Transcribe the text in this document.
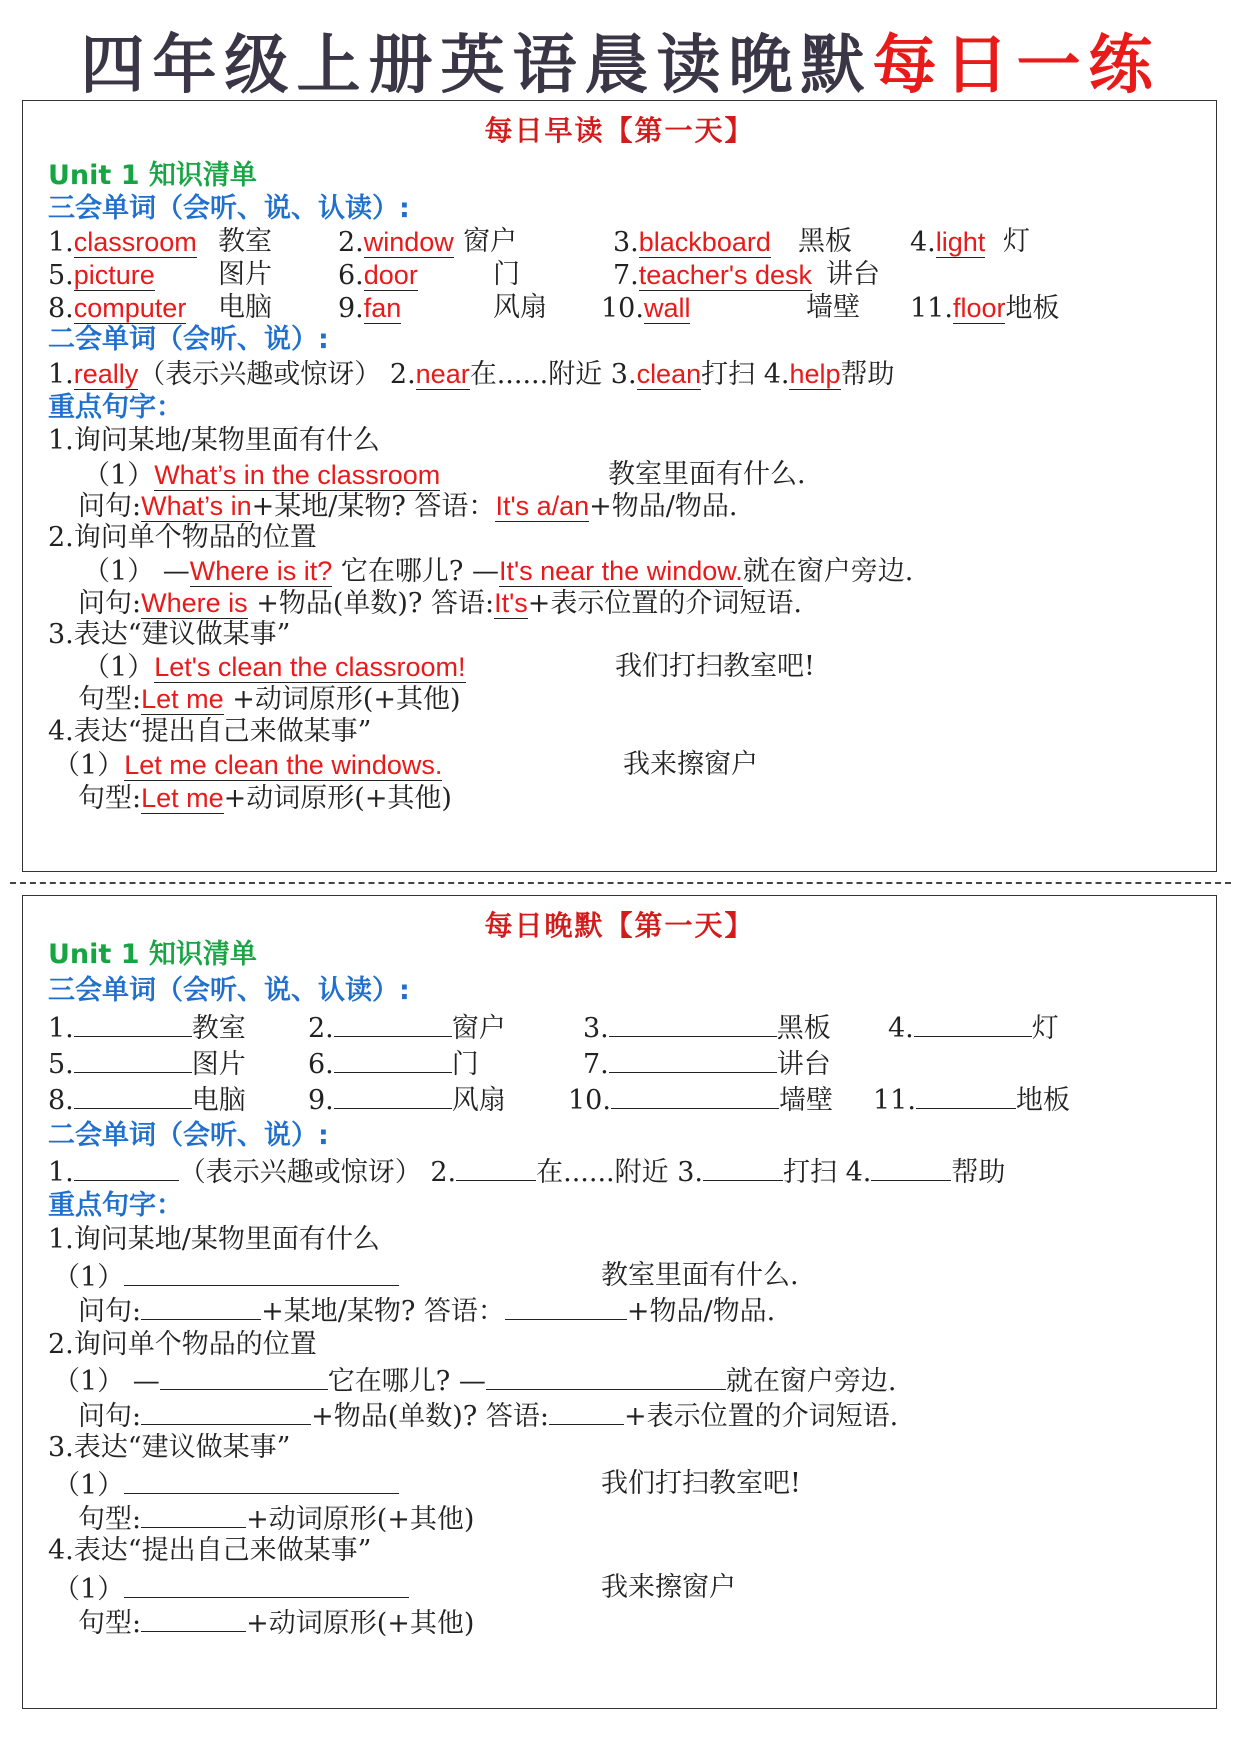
四年级上册英语晨读晚默每日一练
每日早读【第一天】
Unit 1 知识清单
三会单词（会听、说、认读）:
1.classroom 教室 2.window 窗户	3.blackboard 黑板 4.light 灯
5.picture 图片 6.door	门	7.teacher's desk 讲台
8.computer 电脑 9.fan	风扇 10.wall	墙壁 11.floor地板
二会单词（会听、说）:
1.really（表示兴趣或惊讶） 2.near在......附近 3.clean打扫 4.help帮助
重点句字：
1.询问某地/某物里面有什么
（1）What’s in the classroom	教室里面有什么.
问句:What’s in+某地/某物? 答语：It's a/an+物品/物品.
2.询问单个物品的位置
（1） —Where is it? 它在哪儿? —It's near the window.就在窗户旁边.
问句:Where is +物品(单数)? 答语:It's+表示位置的介词短语.
3.表达“建议做某事”
（1）Let's clean the classroom!	我们打扫教室吧!
句型:Let me +动词原形(+其他)
4.表达“提出自己来做某事”
（1）Let me clean the windows.	我来擦窗户
句型:Let me+动词原形(+其他)
每日晚默【第一天】
Unit 1 知识清单
三会单词（会听、说、认读）:
1.	教室 2.	窗户	3.	黑板 4.	灯
5.	图片 6.	门	7.	讲台
8.	电脑 9.	风扇 10.	墙壁 11.	地板
二会单词（会听、说）:
1.	（表示兴趣或惊讶） 2.	在......附近 3.	打扫 4.	帮助
重点句字：
1.询问某地/某物里面有什么
（1）	教室里面有什么.
问句:	+某地/某物? 答语：	+物品/物品.
2.询问单个物品的位置
（1） —	它在哪儿? —	就在窗户旁边.
问句:	+物品(单数)? 答语:	+表示位置的介词短语.
3.表达“建议做某事”
（1）	我们打扫教室吧!
句型:	+动词原形(+其他)
4.表达“提出自己来做某事”
（1）	我来擦窗户
句型:	+动词原形(+其他)
